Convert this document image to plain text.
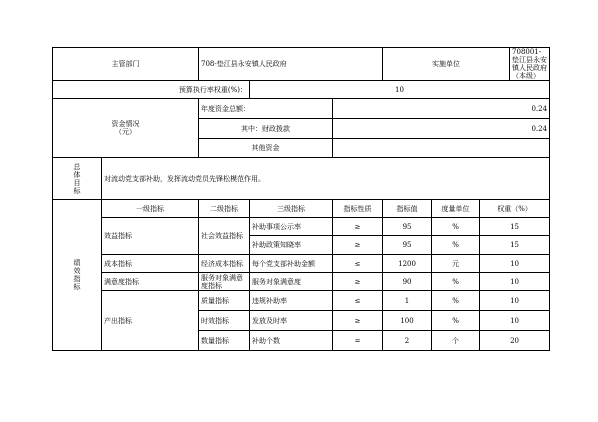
主管部门		708-垫江县永安镇人民政府			实施单位			708001-垫江县永安镇人民政府（本级）
预算执行率权重(%)：			10					

资金情况
（元）		年度资金总额：		0.24				
		其中：财政拨款		0.24				
		其他资金						
总体目标	对流动党支部补助，发挥流动党员先锋松模范作用。							
绩效指标	一级指标	二级指标	三级指标	指标性质	指标值	度量单位	权重（%）	
	效益指标	社会效益指标	补助事项公示率	≥	95	%	15	
			补助政策知晓率	≥	95	%	15	
	成本指标	经济成本指标	每个党支部补助金额	≤	1200	元	10	
	满意度指标	服务对象满意度指标	服务对象满意度	≥	90	%	10	
	产出指标	质量指标	违规补助率	≤	1	%	10	
		时效指标	发放及时率	≥	100	%	10	
		数量指标	补助个数	=	2	个	20	
